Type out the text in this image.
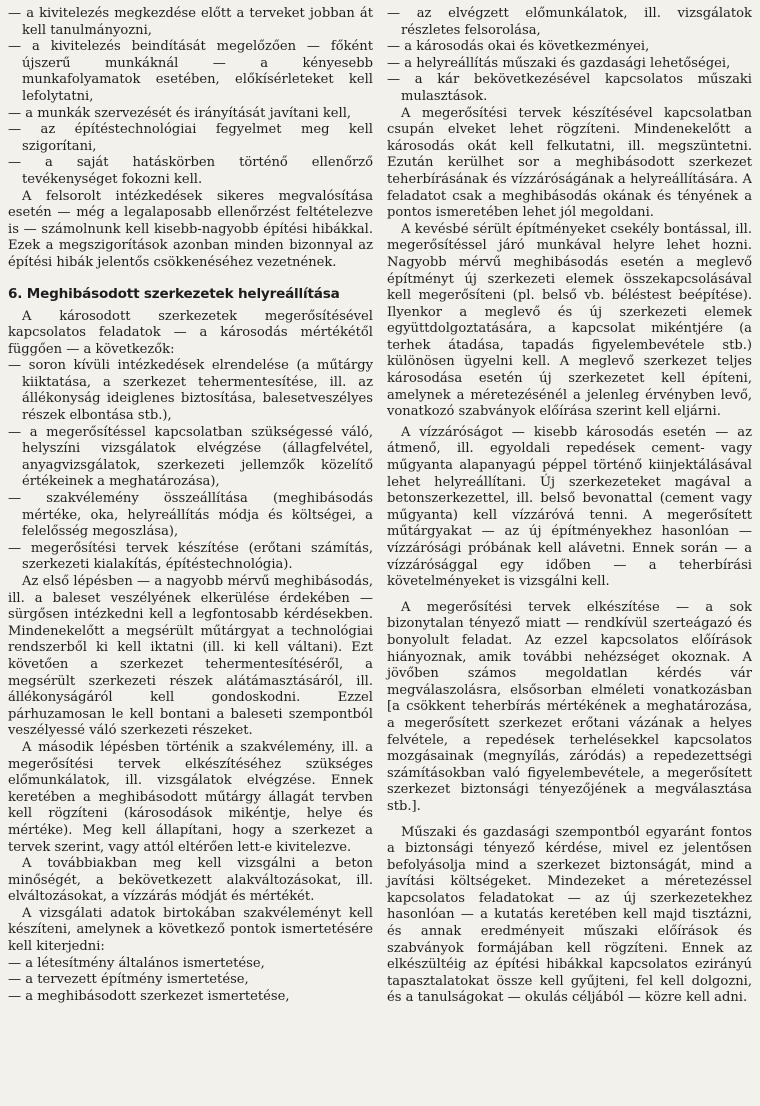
— a kivitelezés megkezdése előtt a terveket jobban át kell tanulmányozni,

— a kivitelezés beindítását megelőzően — főként újszerű munkáknál — a kényesebb munkafolyamatok esetében, előkísérleteket kell lefolytatni,

— a munkák szervezését és irányítását javítani kell,

— az építéstechnológiai fegyelmet meg kell szigorítani,

— a saját hatáskörben történő ellenőrző tevékenységet fokozni kell.

A felsorolt intézkedések sikeres megvalósítása esetén — még a legalaposabb ellenőrzést feltételezve is — számolnunk kell kisebb-nagyobb építési hibákkal. Ezek a megszigorítások azonban minden bizonnyal az építési hibák jelentős csökkenéséhez vezetnének.

6. Meghibásodott szerkezetek helyreállítása

A károsodott szerkezetek megerősítésével kapcsolatos feladatok — a károsodás mértékétől függően — a következők:

— soron kívüli intézkedések elrendelése (a műtárgy kiiktatása, a szerkezet tehermentesítése, ill. az állékonyság ideiglenes biztosítása, balesetveszélyes részek elbontása stb.),

— a megerősítéssel kapcsolatban szükségessé váló, helyszíni vizsgálatok elvégzése (állagfelvétel, anyagvizsgálatok, szerkezeti jellemzők közelítő értékeinek a meghatározása),

— szakvélemény összeállítása (meghibásodás mértéke, oka, helyreállítás módja és költségei, a felelősség megoszlása),

— megerősítési tervek készítése (erőtani számítás, szerkezeti kialakítás, építéstechnológia).

Az első lépésben — a nagyobb mérvű meghibásodás, ill. a baleset veszélyének elkerülése érdekében — sürgősen intézkedni kell a legfontosabb kérdésekben. Mindenekelőtt a megsérült műtárgyat a technológiai rendszerből ki kell iktatni (ill. ki kell váltani). Ezt követően a szerkezet tehermentesítéséről, a megsérült szerkezeti részek alátámasztásáról, ill. állékonyságáról kell gondoskodni. Ezzel párhuzamosan le kell bontani a baleseti szempontból veszélyessé váló szerkezeti részeket.

A második lépésben történik a szakvélemény, ill. a megerősítési tervek elkészítéséhez szükséges előmunkálatok, ill. vizsgálatok elvégzése. Ennek keretében a meghibásodott műtárgy állagát tervben kell rögzíteni (károsodások mikéntje, helye és mértéke). Meg kell állapítani, hogy a szerkezet a tervek szerint, vagy attól eltérően lett-e kivitelezve.

A továbbiakban meg kell vizsgálni a beton minőségét, a bekövetkezett alakváltozásokat, ill. elváltozásokat, a vízzárás módját és mértékét.

A vizsgálati adatok birtokában szakvéleményt kell készíteni, amelynek a következő pontok ismertetésére kell kiterjedni:

— a létesítmény általános ismertetése,

— a tervezett építmény ismertetése,

— a meghibásodott szerkezet ismertetése,

— az elvégzett előmunkálatok, ill. vizsgálatok részletes felsorolása,

— a károsodás okai és következményei,

— a helyreállítás műszaki és gazdasági lehetőségei,

— a kár bekövetkezésével kapcsolatos műszaki mulasztások.

A megerősítési tervek készítésével kapcsolatban csupán elveket lehet rögzíteni. Mindenekelőtt a károsodás okát kell felkutatni, ill. megszüntetni. Ezután kerülhet sor a meghibásodott szerkezet teherbírásának és vízzáróságának a helyreállítására. A feladatot csak a meghibásodás okának és tényének a pontos ismeretében lehet jól megoldani.

A kevésbé sérült építményeket csekély bontással, ill. megerősítéssel járó munkával helyre lehet hozni. Nagyobb mérvű meghibásodás esetén a meglevő építményt új szerkezeti elemek összekapcsolásával kell megerősíteni (pl. belső vb. béléstest beépítése). Ilyenkor a meglevő és új szerkezeti elemek együttdolgoztatására, a kapcsolat mikéntjére (a terhek átadása, tapadás figyelembevétele stb.) különösen ügyelni kell. A meglevő szerkezet teljes károsodása esetén új szerkezetet kell építeni, amelynek a méretezésénél a jelenleg érvényben levő, vonatkozó szabványok előírása szerint kell eljárni.

A vízzáróságot — kisebb károsodás esetén — az átmenő, ill. egyoldali repedések cement- vagy műgyanta alapanyagú péppel történő kiinjektálásával lehet helyreállítani. Új szerkezeteket magával a betonszerkezettel, ill. belső bevonattal (cement vagy műgyanta) kell vízzáróvá tenni. A megerősített műtárgyakat — az új építményekhez hasonlóan — vízzárósági próbának kell alávetni. Ennek során — a vízzárósággal egy időben — a teherbírási követelményeket is vizsgálni kell.

A megerősítési tervek elkészítése — a sok bizonytalan tényező miatt — rendkívül szerteágazó és bonyolult feladat. Az ezzel kapcsolatos előírások hiányoznak, amik további nehézséget okoznak. A jövőben számos megoldatlan kérdés vár megválaszolásra, elsősorban elméleti vonatkozásban [a csökkent teherbírás mértékének a meghatározása, a megerősített szerkezet erőtani vázának a helyes felvétele, a repedések terhelésekkel kapcsolatos mozgásainak (megnyílás, záródás) a repedezettségi számításokban való figyelembevétele, a megerősített szerkezet biztonsági tényezőjének a megválasztása stb.].

Műszaki és gazdasági szempontból egyaránt fontos a biztonsági tényező kérdése, mivel ez jelentősen befolyásolja mind a szerkezet biztonságát, mind a javítási költségeket. Mindezeket a méretezéssel kapcsolatos feladatokat — az új szerkezetekhez hasonlóan — a kutatás keretében kell majd tisztázni, és annak eredményeit műszaki előírások és szabványok formájában kell rögzíteni. Ennek az elkészültéig az építési hibákkal kapcsolatos ezirányú tapasztalatokat össze kell gyűjteni, fel kell dolgozni, és a tanulságokat — okulás céljából — közre kell adni.
